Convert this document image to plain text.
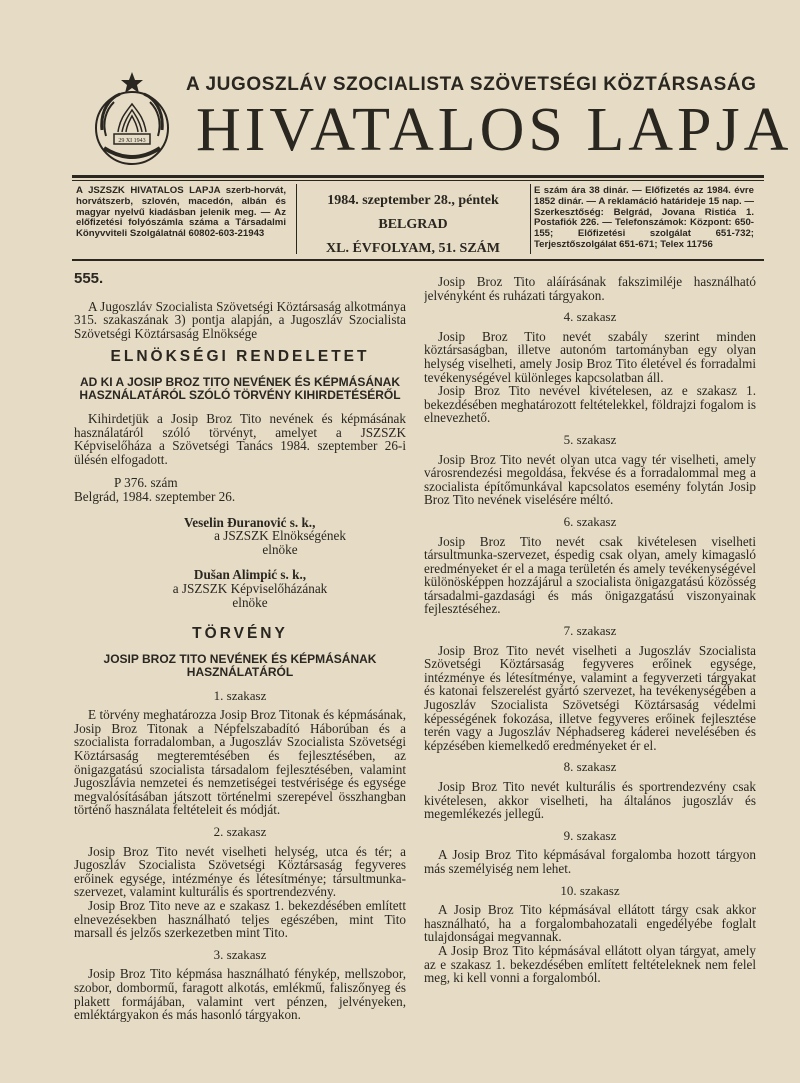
29 XI 1943
A JUGOSZLÁV SZOCIALISTA SZÖVETSÉGI KÖZTÁRSASÁG
HIVATALOS LAPJA
A JSZSZK HIVATALOS LAPJA szerb-horvát, horvátszerb, szlovén, macedón, albán és magyar nyelvű kiadásban jelenik meg. — Az előfizetési folyószámla száma a Társadalmi Könyvviteli Szolgálatnál 60802-603-21943
1984. szeptember 28., péntek
BELGRAD
XL. ÉVFOLYAM, 51. SZÁM
E szám ára 38 dinár. — Előfizetés az 1984. évre 1852 dinár. — A reklamáció határideje 15 nap. — Szerkesztőség: Belgrád, Jovana Ristića 1. Postafiók 226. — Telefonszámok: Központ: 650-155; Előfizetési szolgálat 651-732; Terjesztőszolgálat 651-671; Telex 11756
555.

A Jugoszláv Szocialista Szövetségi Köztársaság alkotmánya 315. szakaszának 3) pontja alapján, a Jugoszláv Szocialista Szövetségi Köztársaság Elnöksége

ELNÖKSÉGI RENDELETET
AD KI A JOSIP BROZ TITO NEVÉNEK ÉS KÉPMÁSÁNAK HASZNÁLATÁRÓL SZÓLÓ TÖRVÉNY KIHIRDETÉSÉRŐL

Kihirdetjük a Josip Broz Tito nevének és képmásának használatáról szóló törvényt, amelyet a JSZSZK Képviselőháza a Szövetségi Tanács 1984. szeptember 26-i ülésén elfogadott.

P 376. szám

Belgrád, 1984. szeptember 26.

Veselin Đuranović s. k.,
a JSZSZK Elnökségének
elnöke
Dušan Alimpić s. k.,
a JSZSZK Képviselőházának
elnöke
TÖRVÉNY
JOSIP BROZ TITO NEVÉNEK ÉS KÉPMÁSÁNAK HASZNÁLATÁRÓL
1. szakasz

E törvény meghatározza Josip Broz Titonak és képmásának, Josip Broz Titonak a Népfelszabadító Háborúban és a szocialista forradalomban, a Jugoszláv Szocialista Szövetségi Köztársaság megteremtésében és fejlesztésében, az önigazgatású szocialista társadalom fejlesztésében, valamint Jugoszlávia nemzetei és nemzetiségei testvérisége és egysége megvalósításában játszott történelmi szerepével összhangban történő használata feltételeit és módját.

2. szakasz

Josip Broz Tito nevét viselheti helység, utca és tér; a Jugoszláv Szocialista Szövetségi Köztársaság fegyveres erőinek egysége, intézménye és létesítménye; társultmunka-szervezet, valamint kulturális és sportrendezvény.

Josip Broz Tito neve az e szakasz 1. bekezdésében említett elnevezésekben használható teljes egészében, mint Tito marsall és jelzős szerkezetben mint Tito.

3. szakasz

Josip Broz Tito képmása használható fénykép, mellszobor, szobor, dombormű, faragott alkotás, emlékmű, faliszőnyeg és plakett formájában, valamint vert pénzen, jelvényeken, emléktárgyakon és más hasonló tárgyakon.

Josip Broz Tito aláírásának fakszimiléje használható jelvényként és ruházati tárgyakon.

4. szakasz

Josip Broz Tito nevét szabály szerint minden köztársaságban, illetve autonóm tartományban egy olyan helység viselheti, amely Josip Broz Tito életével és forradalmi tevékenységével különleges kapcsolatban áll.

Josip Broz Tito nevével kivételesen, az e szakasz 1. bekezdésében meghatározott feltételekkel, földrajzi fogalom is elnevezhető.

5. szakasz

Josip Broz Tito nevét olyan utca vagy tér viselheti, amely városrendezési megoldása, fekvése és a forradalommal meg a szocialista építőmunkával kapcsolatos esemény folytán Josip Broz Tito nevének viselésére méltó.

6. szakasz

Josip Broz Tito nevét csak kivételesen viselheti társultmunka-szervezet, éspedig csak olyan, amely kimagasló eredményeket ér el a maga területén és amely tevékenységével különösképpen hozzájárul a szocialista önigazgatású közösség társadalmi-gazdasági és más önigazgatású viszonyainak fejlesztéséhez.

7. szakasz

Josip Broz Tito nevét viselheti a Jugoszláv Szocialista Szövetségi Köztársaság fegyveres erőinek egysége, intézménye és létesítménye, valamint a fegyverzeti tárgyakat és katonai felszerelést gyártó szervezet, ha tevékenységében a Jugoszláv Szocialista Szövetségi Köztársaság védelmi képességének fokozása, illetve fegyveres erőinek fejlesztése terén vagy a Jugoszláv Néphadsereg káderei nevelésében és képzésében kiemelkedő eredményeket ér el.

8. szakasz

Josip Broz Tito nevét kulturális és sportrendezvény csak kivételesen, akkor viselheti, ha általános jugoszláv és megemlékezés jellegű.

9. szakasz

A Josip Broz Tito képmásával forgalomba hozott tárgyon más személyiség nem lehet.

10. szakasz

A Josip Broz Tito képmásával ellátott tárgy csak akkor használható, ha a forgalombahozatali engedélyébe foglalt tulajdonságai megvannak.

A Josip Broz Tito képmásával ellátott olyan tárgyat, amely az e szakasz 1. bekezdésében említett feltételeknek nem felel meg, ki kell vonni a forgalomból.
